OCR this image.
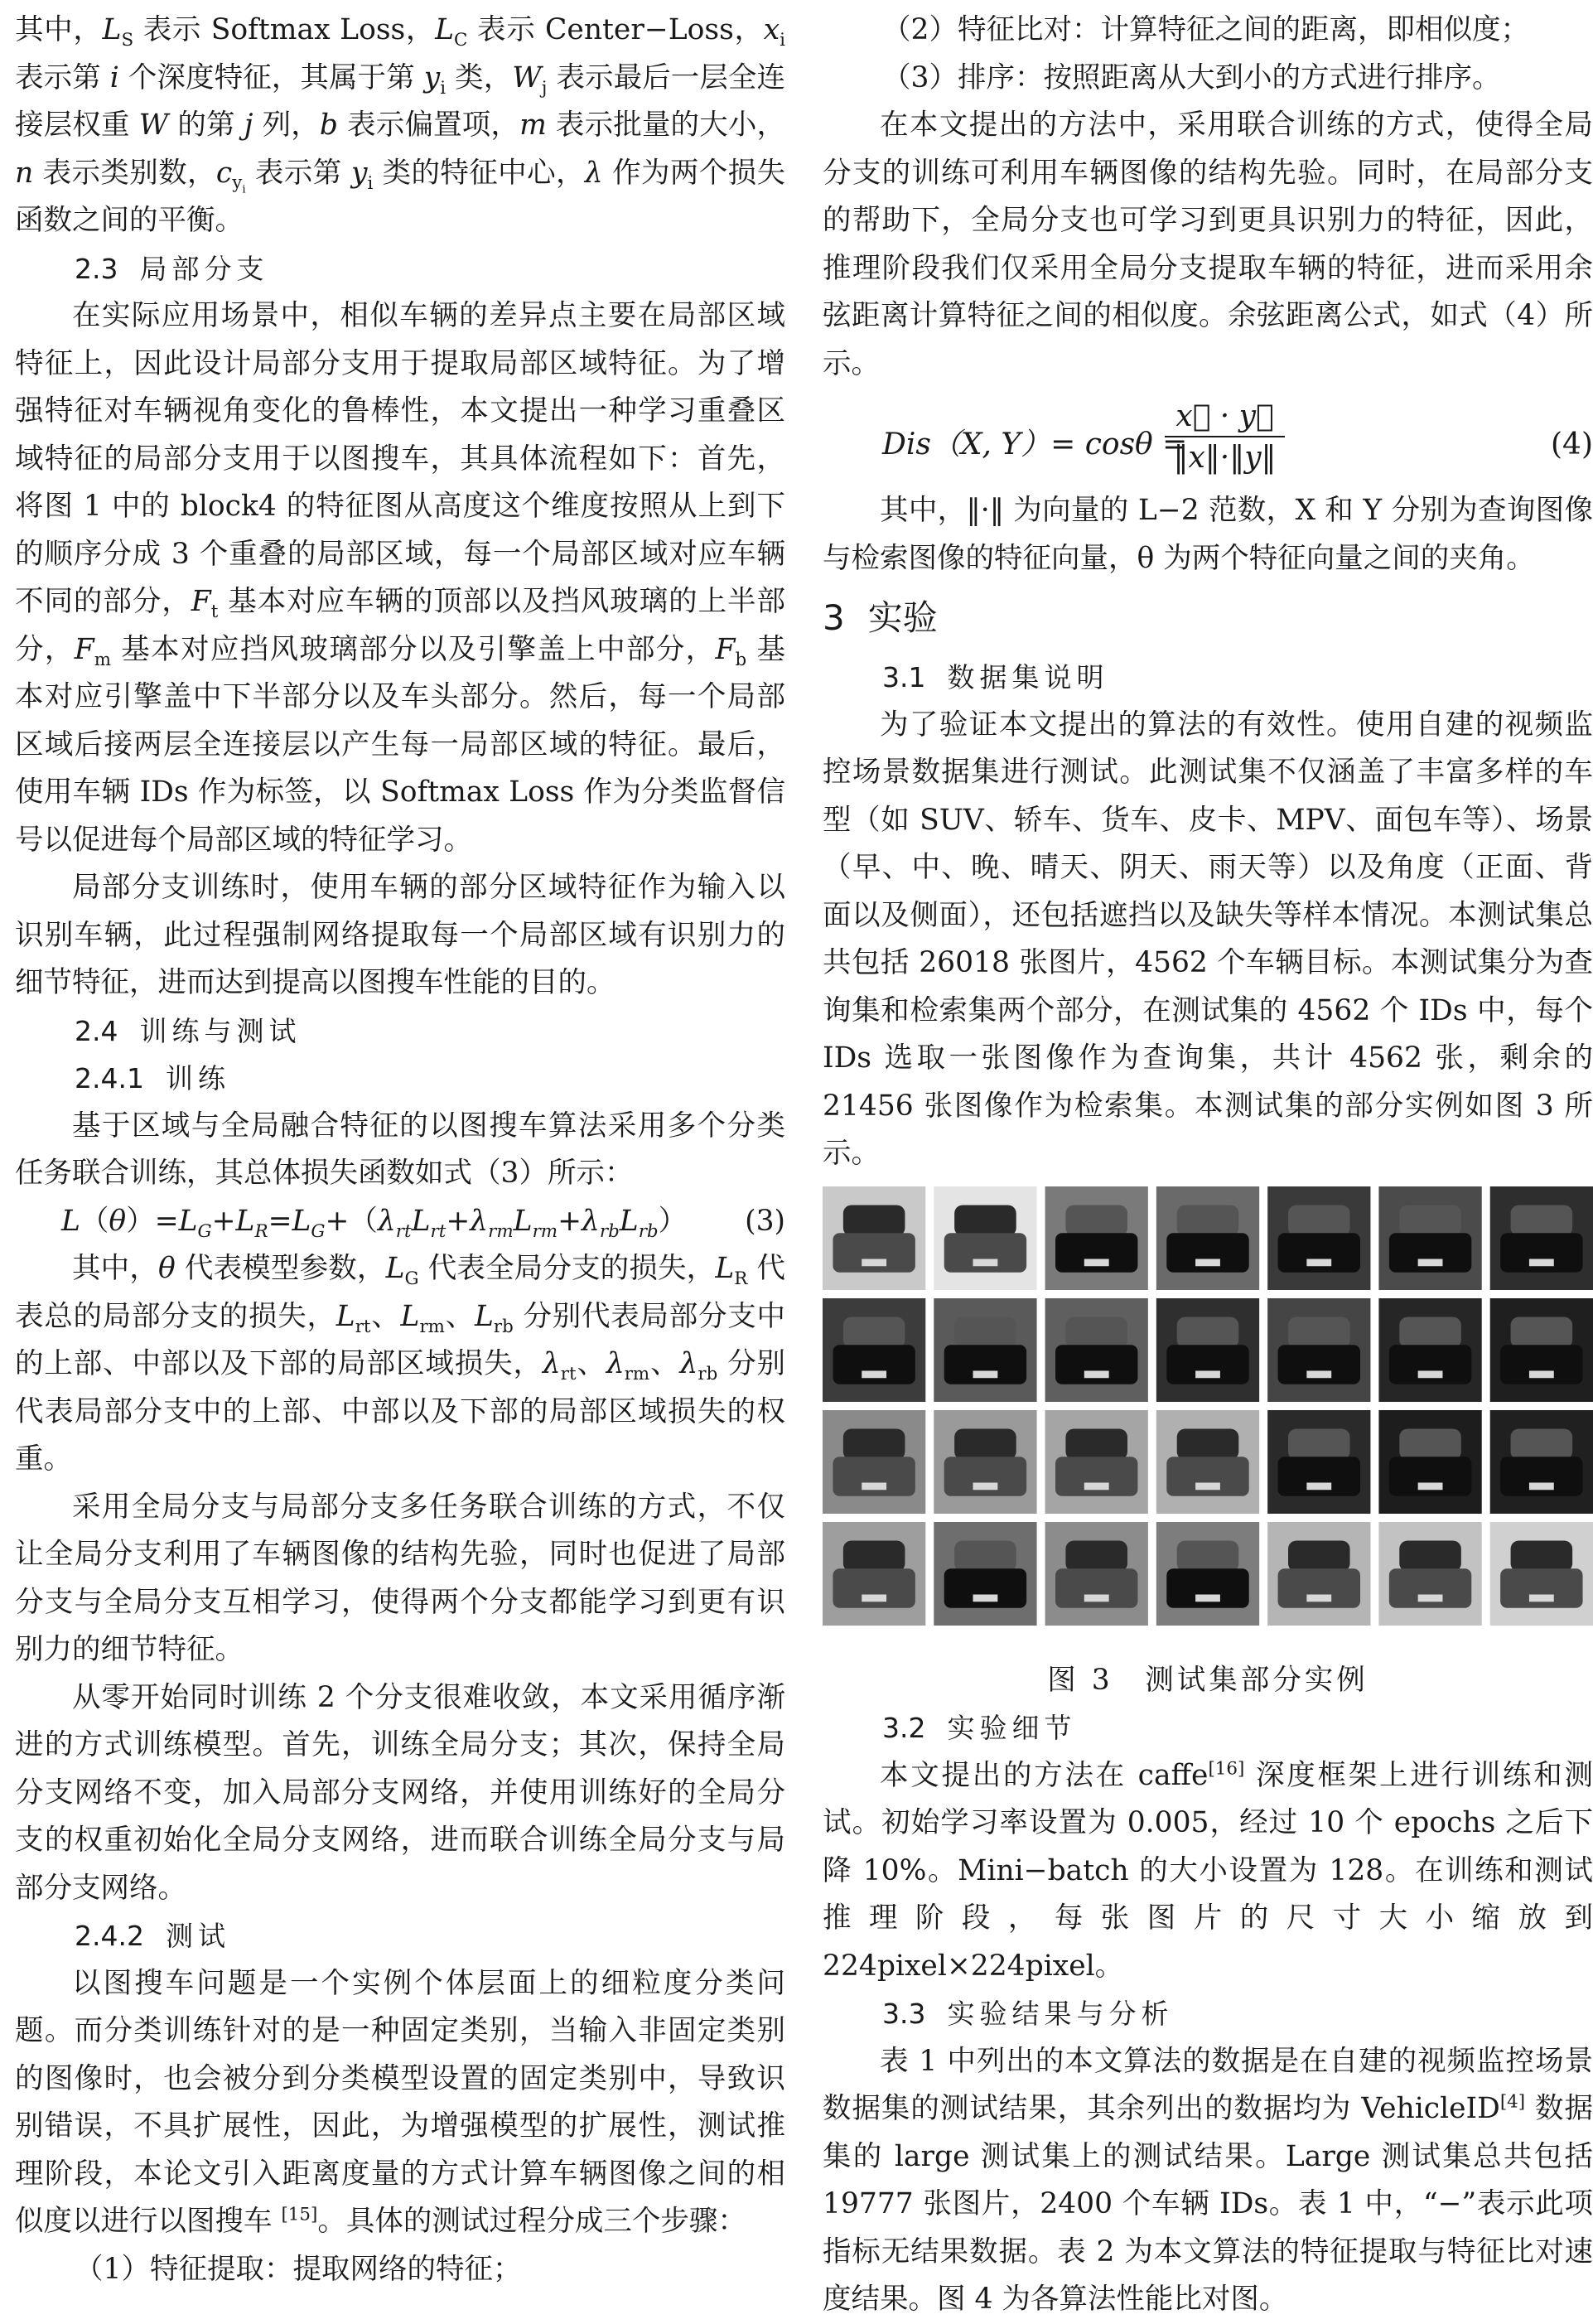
其中，$L_S$ 表示 Softmax Loss，$L_C$ 表示 Center−Loss，$x_i$ 表示第 i 个深度特征，其属于第 $y_i$ 类，$W_j$ 表示最后一层全连接层权重 W 的第 j 列，b 表示偏置项，m 表示批量的大小，n 表示类别数，$c_{y_i}$ 表示第 $y_i$ 类的特征中心，λ 作为两个损失函数之间的平衡。

2.3 局部分支

在实际应用场景中，相似车辆的差异点主要在局部区域特征上，因此设计局部分支用于提取局部区域特征。为了增强特征对车辆视角变化的鲁棒性，本文提出一种学习重叠区域特征的局部分支用于以图搜车，其具体流程如下：首先，将图 1 中的 block4 的特征图从高度这个维度按照从上到下的顺序分成 3 个重叠的局部区域，每一个局部区域对应车辆不同的部分，$F_t$ 基本对应车辆的顶部以及挡风玻璃的上半部分，$F_m$ 基本对应挡风玻璃部分以及引擎盖上中部分，$F_b$ 基本对应引擎盖中下半部分以及车头部分。然后，每一个局部区域后接两层全连接层以产生每一局部区域的特征。最后，使用车辆 IDs 作为标签，以 Softmax Loss 作为分类监督信号以促进每个局部区域的特征学习。

局部分支训练时，使用车辆的部分区域特征作为输入以识别车辆，此过程强制网络提取每一个局部区域有识别力的细节特征，进而达到提高以图搜车性能的目的。

2.4 训练与测试
2.4.1 训练

基于区域与全局融合特征的以图搜车算法采用多个分类任务联合训练，其总体损失函数如式（3）所示：

$L(\theta)=L_G+L_R=L_G+(\lambda_{rt}L_{rt}+\lambda_{rm}L_{rm}+\lambda_{rb}L_{rb})$ (3)

其中，θ 代表模型参数，$L_G$ 代表全局分支的损失，$L_R$ 代表总的局部分支的损失，$L_{rt}$、$L_{rm}$、$L_{rb}$ 分别代表局部分支中的上部、中部以及下部的局部区域损失，$\lambda_{rt}$、$\lambda_{rm}$、$\lambda_{rb}$ 分别代表局部分支中的上部、中部以及下部的局部区域损失的权重。

采用全局分支与局部分支多任务联合训练的方式，不仅让全局分支利用了车辆图像的结构先验，同时也促进了局部分支与全局分支互相学习，使得两个分支都能学习到更有识别力的细节特征。

从零开始同时训练 2 个分支很难收敛，本文采用循序渐进的方式训练模型。首先，训练全局分支；其次，保持全局分支网络不变，加入局部分支网络，并使用训练好的全局分支的权重初始化全局分支网络，进而联合训练全局分支与局部分支网络。

2.4.2 测试

以图搜车问题是一个实例个体层面上的细粒度分类问题。而分类训练针对的是一种固定类别，当输入非固定类别的图像时，也会被分到分类模型设置的固定类别中，导致识别错误，不具扩展性，因此，为增强模型的扩展性，测试推理阶段，本论文引入距离度量的方式计算车辆图像之间的相似度以进行以图搜车 [15]。具体的测试过程分成三个步骤：

（1）特征提取：提取网络的特征；

（2）特征比对：计算特征之间的距离，即相似度；

（3）排序：按照距离从大到小的方式进行排序。

在本文提出的方法中，采用联合训练的方式，使得全局分支的训练可利用车辆图像的结构先验。同时，在局部分支的帮助下，全局分支也可学习到更具识别力的特征，因此，推理阶段我们仅采用全局分支提取车辆的特征，进而采用余弦距离计算特征之间的相似度。余弦距离公式，如式（4）所示。

Dis（X, Y）= cosθ =
$\frac{x⃗ \cdot y⃗}{‖x‖\cdot‖y‖}$	(4)

其中，‖·‖ 为向量的 L−2 范数，X 和 Y 分别为查询图像与检索图像的特征向量，θ 为两个特征向量之间的夹角。

3 实验
3.1 数据集说明

为了验证本文提出的算法的有效性。使用自建的视频监控场景数据集进行测试。此测试集不仅涵盖了丰富多样的车型（如 SUV、轿车、货车、皮卡、MPV、面包车等）、场景（早、中、晚、晴天、阴天、雨天等）以及角度（正面、背面以及侧面），还包括遮挡以及缺失等样本情况。本测试集总共包括 26018 张图片，4562 个车辆目标。本测试集分为查询集和检索集两个部分，在测试集的 4562 个 IDs 中，每个 IDs 选取一张图像作为查询集，共计 4562 张，剩余的 21456 张图像作为检索集。本测试集的部分实例如图 3 所示。

图 3　测试集部分实例
3.2 实验细节

本文提出的方法在 caffe[16] 深度框架上进行训练和测试。初始学习率设置为 0.005，经过 10 个 epochs 之后下降 10%。Mini−batch 的大小设置为 128。在训练和测试推理阶段，每张图片的尺寸大小缩放到 224pixel×224pixel。

3.3 实验结果与分析

表 1 中列出的本文算法的数据是在自建的视频监控场景数据集的测试结果，其余列出的数据均为 VehicleID[4] 数据集的 large 测试集上的测试结果。Large 测试集总共包括 19777 张图片，2400 个车辆 IDs。表 1 中，“−”表示此项指标无结果数据。表 2 为本文算法的特征提取与特征比对速度结果。图 4 为各算法性能比对图。
